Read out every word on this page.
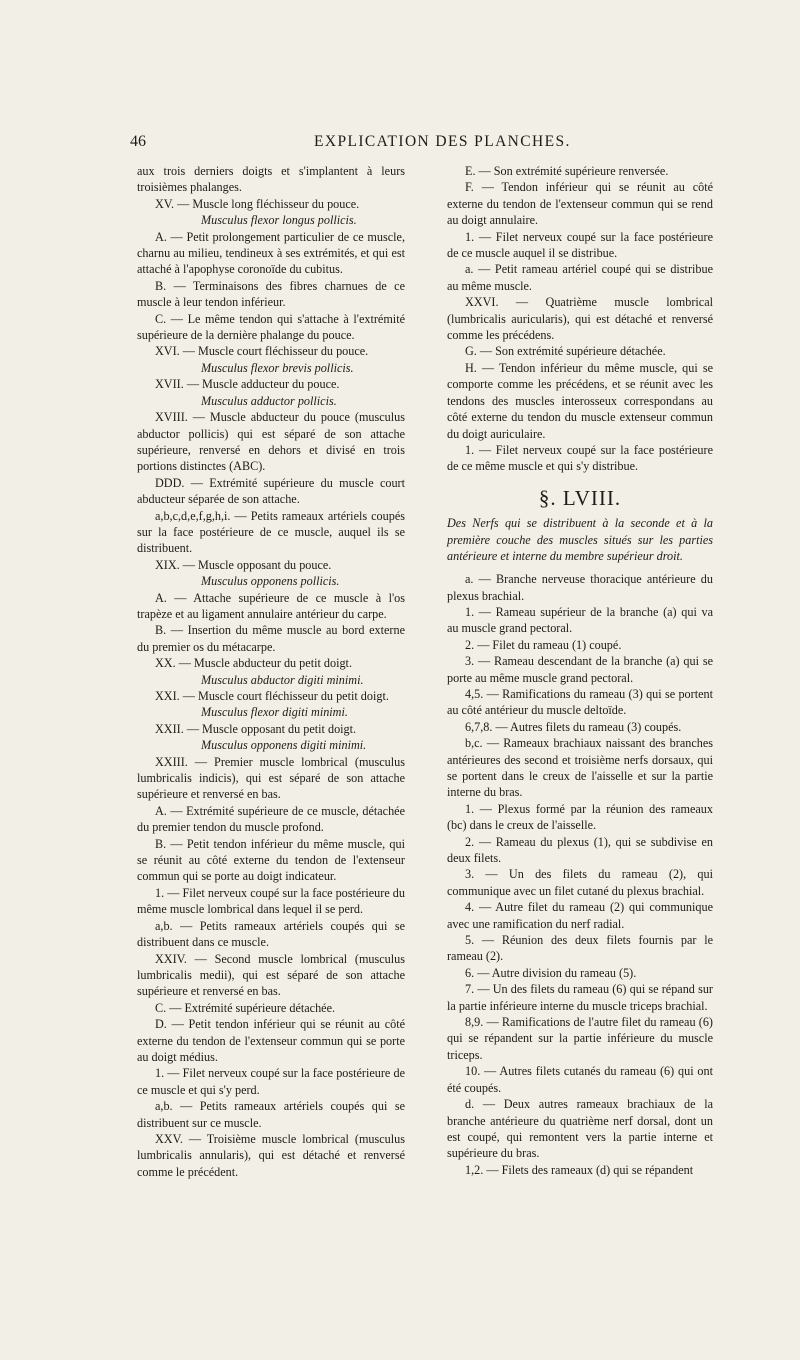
46	EXPLICATION DES PLANCHES.

aux trois derniers doigts et s'implantent à leurs troisièmes phalanges.

XV. — Muscle long fléchisseur du pouce.

Musculus flexor longus pollicis.

A. — Petit prolongement particulier de ce muscle, charnu au milieu, tendineux à ses extrémités, et qui est attaché à l'apophyse coronoïde du cubitus.

B. — Terminaisons des fibres charnues de ce muscle à leur tendon inférieur.

C. — Le même tendon qui s'attache à l'extrémité supérieure de la dernière phalange du pouce.

XVI. — Muscle court fléchisseur du pouce.

Musculus flexor brevis pollicis.

XVII. — Muscle adducteur du pouce.

Musculus adductor pollicis.

XVIII. — Muscle abducteur du pouce (musculus abductor pollicis) qui est séparé de son attache supérieure, renversé en dehors et divisé en trois portions distinctes (ABC).

DDD. — Extrémité supérieure du muscle court abducteur séparée de son attache.

a,b,c,d,e,f,g,h,i. — Petits rameaux artériels coupés sur la face postérieure de ce muscle, auquel ils se distribuent.

XIX. — Muscle opposant du pouce.

Musculus opponens pollicis.

A. — Attache supérieure de ce muscle à l'os trapèze et au ligament annulaire antérieur du carpe.

B. — Insertion du même muscle au bord externe du premier os du métacarpe.

XX. — Muscle abducteur du petit doigt.

Musculus abductor digiti minimi.

XXI. — Muscle court fléchisseur du petit doigt.

Musculus flexor digiti minimi.

XXII. — Muscle opposant du petit doigt.

Musculus opponens digiti minimi.

XXIII. — Premier muscle lombrical (musculus lumbricalis indicis), qui est séparé de son attache supérieure et renversé en bas.

A. — Extrémité supérieure de ce muscle, détachée du premier tendon du muscle profond.

B. — Petit tendon inférieur du même muscle, qui se réunit au côté externe du tendon de l'extenseur commun qui se porte au doigt indicateur.

1. — Filet nerveux coupé sur la face postérieure du même muscle lombrical dans lequel il se perd.

a,b. — Petits rameaux artériels coupés qui se distribuent dans ce muscle.

XXIV. — Second muscle lombrical (musculus lumbricalis medii), qui est séparé de son attache supérieure et renversé en bas.

C. — Extrémité supérieure détachée.

D. — Petit tendon inférieur qui se réunit au côté externe du tendon de l'extenseur commun qui se porte au doigt médius.

1. — Filet nerveux coupé sur la face postérieure de ce muscle et qui s'y perd.

a,b. — Petits rameaux artériels coupés qui se distribuent sur ce muscle.

XXV. — Troisième muscle lombrical (musculus lumbricalis annularis), qui est détaché et renversé comme le précédent.

E. — Son extrémité supérieure renversée.

F. — Tendon inférieur qui se réunit au côté externe du tendon de l'extenseur commun qui se rend au doigt annulaire.

1. — Filet nerveux coupé sur la face postérieure de ce muscle auquel il se distribue.

a. — Petit rameau artériel coupé qui se distribue au même muscle.

XXVI. — Quatrième muscle lombrical (lumbricalis auricularis), qui est détaché et renversé comme les précédens.

G. — Son extrémité supérieure détachée.

H. — Tendon inférieur du même muscle, qui se comporte comme les précédens, et se réunit avec les tendons des muscles interosseux correspondans au côté externe du tendon du muscle extenseur commun du doigt auriculaire.

1. — Filet nerveux coupé sur la face postérieure de ce même muscle et qui s'y distribue.

§. LVIII.

Des Nerfs qui se distribuent à la seconde et à la première couche des muscles situés sur les parties antérieure et interne du membre supérieur droit.

a. — Branche nerveuse thoracique antérieure du plexus brachial.

1. — Rameau supérieur de la branche (a) qui va au muscle grand pectoral.

2. — Filet du rameau (1) coupé.

3. — Rameau descendant de la branche (a) qui se porte au même muscle grand pectoral.

4,5. — Ramifications du rameau (3) qui se portent au côté antérieur du muscle deltoïde.

6,7,8. — Autres filets du rameau (3) coupés.

b,c. — Rameaux brachiaux naissant des branches antérieures des second et troisième nerfs dorsaux, qui se portent dans le creux de l'aisselle et sur la partie interne du bras.

1. — Plexus formé par la réunion des rameaux (bc) dans le creux de l'aisselle.

2. — Rameau du plexus (1), qui se subdivise en deux filets.

3. — Un des filets du rameau (2), qui communique avec un filet cutané du plexus brachial.

4. — Autre filet du rameau (2) qui communique avec une ramification du nerf radial.

5. — Réunion des deux filets fournis par le rameau (2).

6. — Autre division du rameau (5).

7. — Un des filets du rameau (6) qui se répand sur la partie inférieure interne du muscle triceps brachial.

8,9. — Ramifications de l'autre filet du rameau (6) qui se répandent sur la partie inférieure du muscle triceps.

10. — Autres filets cutanés du rameau (6) qui ont été coupés.

d. — Deux autres rameaux brachiaux de la branche antérieure du quatrième nerf dorsal, dont un est coupé, qui remontent vers la partie interne et supérieure du bras.

1,2. — Filets des rameaux (d) qui se répandent
